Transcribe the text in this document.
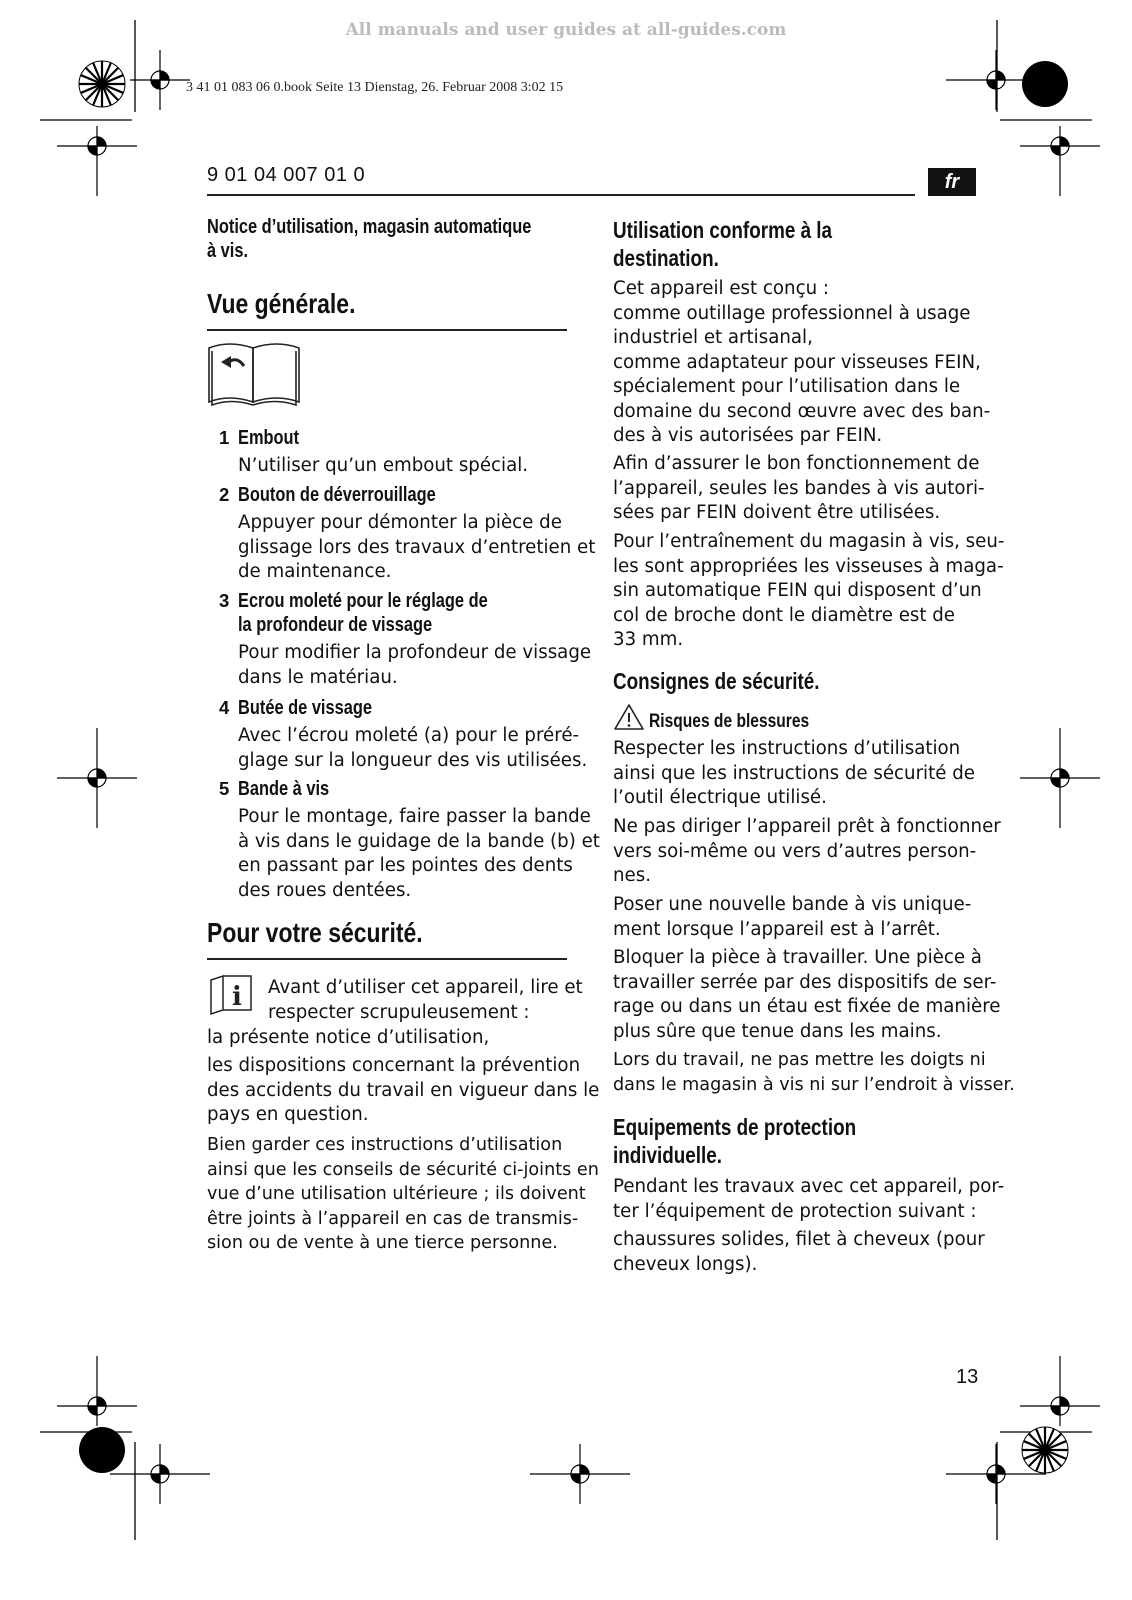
All manuals and user guides at all-guides.com
3 41 01 083 06 0.book Seite 13 Dienstag, 26. Februar 2008 3:02 15
9 01 04 007 01 0	fr
Notice d’utilisation, magasin automatique
à vis.
Vue générale.
1 Embout
N’utiliser qu’un embout spécial.
2 Bouton de déverrouillage
Appuyer pour démonter la pièce de
glissage lors des travaux d’entretien et
de maintenance.
3 Ecrou moleté pour le réglage de
la profondeur de vissage
Pour modifier la profondeur de vissage
dans le matériau.
4 Butée de vissage
Avec l’écrou moleté (a) pour le préré-
glage sur la longueur des vis utilisées.
5 Bande à vis
Pour le montage, faire passer la bande
à vis dans le guidage de la bande (b) et
en passant par les pointes des dents
des roues dentées.
Pour votre sécurité.
i Avant d’utiliser cet appareil, lire et
respecter scrupuleusement :
la présente notice d’utilisation,
les dispositions concernant la prévention
des accidents du travail en vigueur dans le
pays en question.
Bien garder ces instructions d’utilisation
ainsi que les conseils de sécurité ci-joints en
vue d’une utilisation ultérieure ; ils doivent
être joints à l’appareil en cas de transmis-
sion ou de vente à une tierce personne.
Utilisation conforme à la
destination.
Cet appareil est conçu :
comme outillage professionnel à usage
industriel et artisanal,
comme adaptateur pour visseuses FEIN,
spécialement pour l’utilisation dans le
domaine du second œuvre avec des ban-
des à vis autorisées par FEIN.
Afin d’assurer le bon fonctionnement de
l’appareil, seules les bandes à vis autori-
sées par FEIN doivent être utilisées.
Pour l’entraînement du magasin à vis, seu-
les sont appropriées les visseuses à maga-
sin automatique FEIN qui disposent d’un
col de broche dont le diamètre est de
33 mm.
Consignes de sécurité.
Risques de blessures
Respecter les instructions d’utilisation
ainsi que les instructions de sécurité de
l’outil électrique utilisé.
Ne pas diriger l’appareil prêt à fonctionner
vers soi-même ou vers d’autres person-
nes.
Poser une nouvelle bande à vis unique-
ment lorsque l’appareil est à l’arrêt.
Bloquer la pièce à travailler. Une pièce à
travailler serrée par des dispositifs de ser-
rage ou dans un étau est fixée de manière
plus sûre que tenue dans les mains.
Lors du travail, ne pas mettre les doigts ni
dans le magasin à vis ni sur l’endroit à visser.
Equipements de protection
individuelle.
Pendant les travaux avec cet appareil, por-
ter l’équipement de protection suivant :
chaussures solides, filet à cheveux (pour
cheveux longs).
13
